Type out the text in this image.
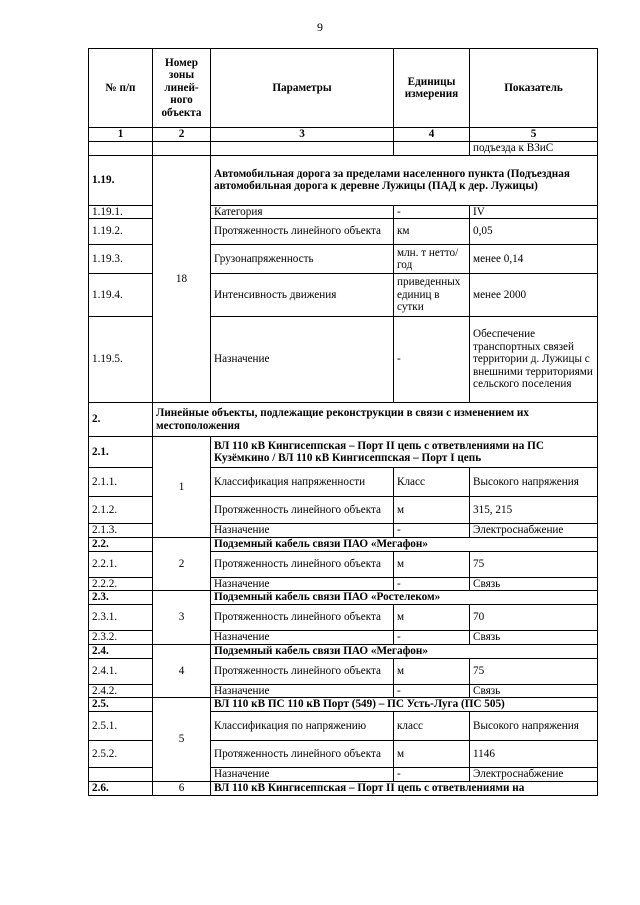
9
№ п/п	Номер зоны линей-ного объекта	Параметры	Единицы измерения	Показатель
1	2	3	4	5
				подъезда к ВЗиС
1.19.	18	Автомобильная дорога за пределами населенного пункта (Подъездная автомобильная дорога к деревне Лужицы (ПАД к дер. Лужицы)		
1.19.1.		Категория	-	IV
1.19.2.		Протяженность линейного объекта	км	0,05
1.19.3.		Грузонапряженность	млн. т нетто/год	менее 0,14
1.19.4.		Интенсивность движения	приведенных единиц в сутки	менее 2000
1.19.5.		Назначение	-	Обеспечение транспортных связей территории д. Лужицы с внешними территориями сельского поселения
2.	Линейные объекты, подлежащие реконструкции в связи с изменением их местоположения			
2.1.	1	ВЛ 110 кВ Кингисеппская – Порт II цепь с ответвлениями на ПС Кузёмкино / ВЛ 110 кВ Кингисеппская – Порт I цепь		
2.1.1.		Классификация напряженности	Класс	Высокого напряжения
2.1.2.		Протяженность линейного объекта	м	315, 215
2.1.3.		Назначение	-	Электроснабжение
2.2.	2	Подземный кабель связи ПАО «Мегафон»		
2.2.1.		Протяженность линейного объекта	м	75
2.2.2.		Назначение	-	Связь
2.3.	3	Подземный кабель связи ПАО «Ростелеком»		
2.3.1.		Протяженность линейного объекта	м	70
2.3.2.		Назначение	-	Связь
2.4.	4	Подземный кабель связи ПАО «Мегафон»		
2.4.1.		Протяженность линейного объекта	м	75
2.4.2.		Назначение	-	Связь
2.5.	5	ВЛ 110 кВ ПС 110 кВ Порт (549) – ПС Усть-Луга (ПС 505)		
2.5.1.		Классификация по напряжению	класс	Высокого напряжения
2.5.2.		Протяженность линейного объекта	м	1146
		Назначение	-	Электроснабжение
2.6.	6	ВЛ 110 кВ Кингисеппская – Порт II цепь с ответвлениями на		
